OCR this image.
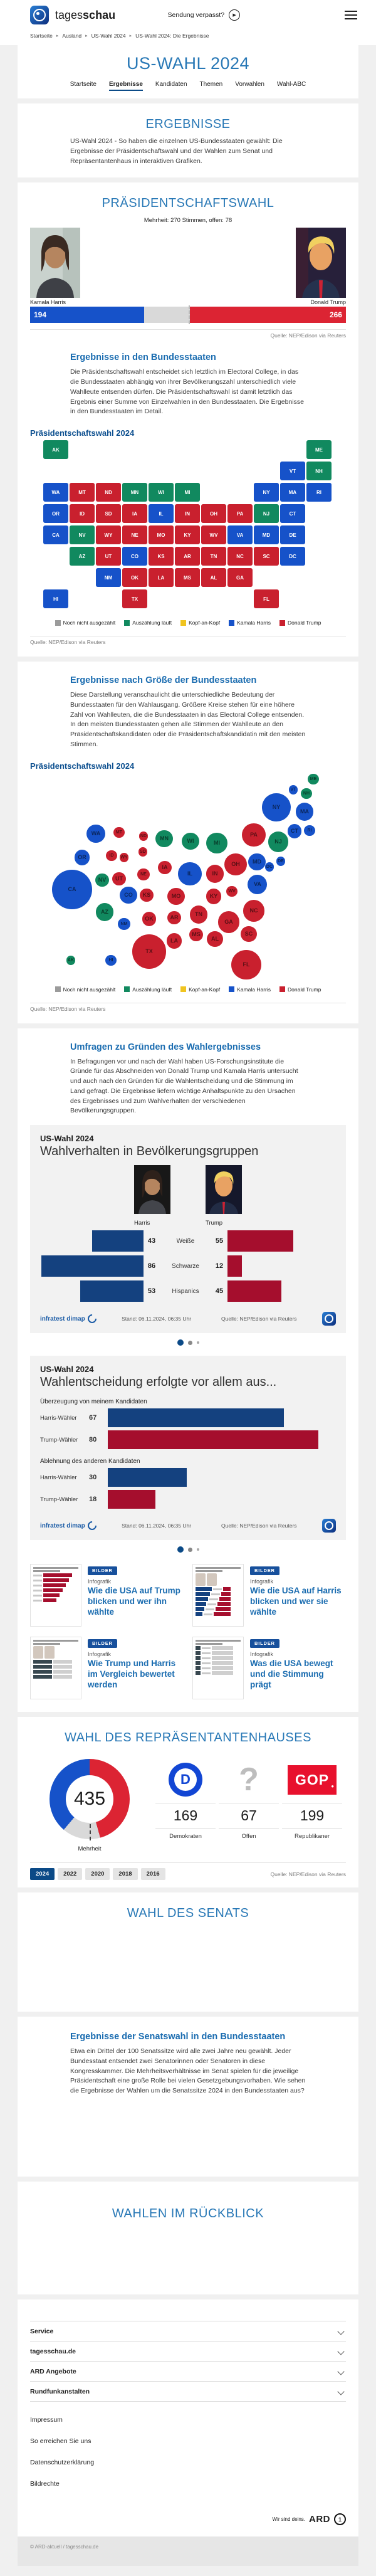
tagesschau	Sendung verpasst?	▶
Startseite ▸ Ausland ▸ US-Wahl 2024 ▸ US-Wahl 2024: Die Ergebnisse
US-WAHL 2024
Startseite Ergebnisse Kandidaten Themen Vorwahlen Wahl-ABC
ERGEBNISSE

US-Wahl 2024 - So haben die einzelnen US-Bundesstaaten gewählt: Die Ergebnisse der Präsidentschaftswahl und der Wahlen zum Senat und Repräsentantenhaus in interaktiven Grafiken.

PRÄSIDENTSCHAFTSWAHL
Mehrheit: 270 Stimmen, offen: 78
Kamala Harris	Donald Trump
194	266
Quelle: NEP/Edison via Reuters
Ergebnisse in den Bundesstaaten

Die Präsidentschaftswahl entscheidet sich letztlich im Electoral College, in das die Bundesstaaten abhängig von ihrer Bevölkerungszahl unterschiedlich viele Wahlleute entsenden dürfen. Die Präsidentschaftswahl ist damit letztlich das Ergebnis einer Summe von Einzelwahlen in den Bundesstaaten. Die Ergebnisse in den Bundesstaaten im Detail.

Präsidentschaftswahl 2024
AK	ME
VT	NH
WA	MT	ND	MN	WI	MI	NY	MA	RI
OR	ID	SD	IA	IL	IN	OH	PA	NJ	CT
CA	NV	WY	NE	MO	KY	WV	VA	MD	DE
AZ	UT	CO	KS	AR	TN	NC	SC	DC
NM	OK	LA	MS	AL	GA
HI	TX	FL
Noch nicht ausgezählt	Auszählung läuft	Kopf-an-Kopf	Kamala Harris	Donald Trump
Quelle: NEP/Edison via Reuters
Ergebnisse nach Größe der Bundesstaaten

Diese Darstellung veranschaulicht die unterschiedliche Bedeutung der Bundesstaaten für den Wahlausgang. Größere Kreise stehen für eine höhere Zahl von Wahlleuten, die die Bundesstaaten in das Electoral College entsenden. In den meisten Bundesstaaten gehen alle Stimmen der Wahlleute an den Präsidentschaftskandidaten oder die Präsidentschaftskandidatin mit den meisten Stimmen.

Präsidentschaftswahl 2024
AK
ME
VT
NH
WA	MT
ND	MN	WI	MI
NY
MA
RI
OR	ID
SD
IA
IL	IN
OH
PA
NJ
CT
CA
NV
WY
NE
MO	KY
WV
VA
MD	DE
AZ
UT
CO	KS
AR	TN
NC
SC
DC
NM
OK
LA
MS
AL
GA
HI
TX
FL
Noch nicht ausgezählt	Auszählung läuft	Kopf-an-Kopf	Kamala Harris	Donald Trump
Quelle: NEP/Edison via Reuters
Umfragen zu Gründen des Wahlergebnisses

In Befragungen vor und nach der Wahl haben US-Forschungsinstitute die Gründe für das Abschneiden von Donald Trump und Kamala Harris untersucht und auch nach den Gründen für die Wahlentscheidung und die Stimmung im Land gefragt. Die Ergebnisse liefern wichtige Anhaltspunkte zu den Ursachen des Ergebnisses und zum Wahlverhalten der verschiedenen Bevölkerungsgruppen.

US-Wahl 2024

Wahlverhalten in Bevölkerungsgruppen

Harris	Trump
43	Weiße	55
86	Schwarze	12
53	Hispanics	45
infratest dimap	Stand: 06.11.2024, 06:35 Uhr	Quelle: NEP/Edison via Reuters

US-Wahl 2024

Wahlentscheidung erfolgte vor allem aus...

Überzeugung von meinem Kandidaten
Harris-Wähler	67
Trump-Wähler	80
Ablehnung des anderen Kandidaten
Harris-Wähler	30
Trump-Wähler	18
infratest dimap	Stand: 06.11.2024, 06:35 Uhr	Quelle: NEP/Edison via Reuters
BILDER
Infografik
Wie die USA auf Trump blicken und wer ihn wählte
BILDER
Infografik
Wie die USA auf Harris blicken und wer sie wählte
BILDER
Infografik
Wie Trump und Harris im Vergleich bewertet werden
BILDER
Infografik
Was die USA bewegt und die Stimmung prägt
WAHL DES REPRÄSENTANTENHAUSES
435
Mehrheit
D
169
Demokraten
?
67
Offen
GOP ●
199
Republikaner
2024	2022	2020	2018	2016	Quelle: NEP/Edison via Reuters
WAHL DES SENATS
Ergebnisse der Senatswahl in den Bundesstaaten

Etwa ein Drittel der 100 Senatssitze wird alle zwei Jahre neu gewählt. Jeder Bundesstaat entsendet zwei Senatorinnen oder Senatoren in diese Kongresskammer. Die Mehrheitsverhältnisse im Senat spielen für die jeweilige Präsidentschaft eine große Rolle bei vielen Gesetzgebungsvorhaben. Wie sehen die Ergebnisse der Wahlen um die Senatssitze 2024 in den Bundesstaaten aus?

WAHLEN IM RÜCKBLICK
Service
tagesschau.de
ARD Angebote
Rundfunkanstalten
Impressum
So erreichen Sie uns
Datenschutzerklärung
Bildrechte
Wir sind deins. ARD	1
© ARD-aktuell / tagesschau.de
